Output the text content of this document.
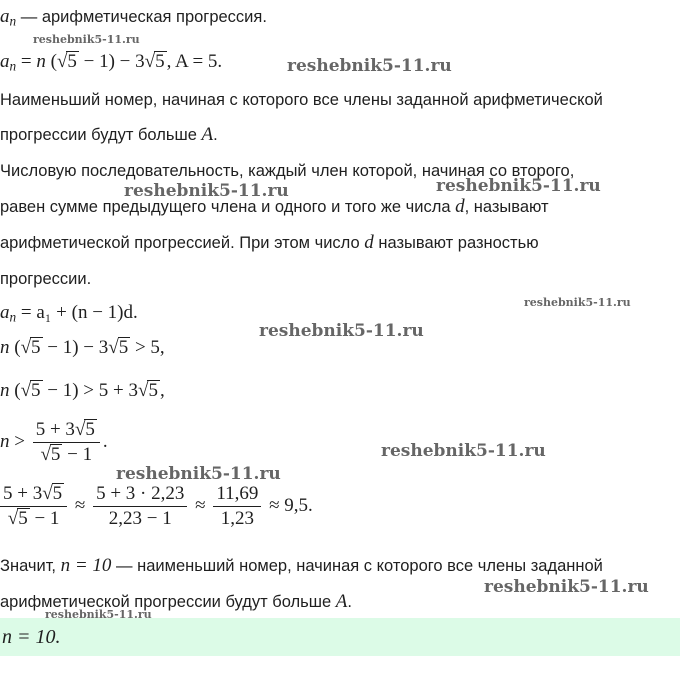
$a_n$ — арифметическая прогрессия.
$a_n = n$ (√5 − 1) − 3√5 , A = 5.
Наименьший номер, начиная с которого все члены заданной арифметической
прогрессии будут больше A.
Числовую последовательность, каждый член которой, начиная со второго,
равен сумме предыдущего члена и одного и того же числа d, называют
арифметической прогрессией. При этом число d называют разностью
прогрессии.
$a_n = a_1 + (n - 1)d$.
n (√5 − 1) − 3√5 > 5,
n (√5 − 1) > 5 + 3√5 ,
$n > \frac{5 + 3√5}{√5 - 1}$ .
$\frac{5 + 3√5}{√5 - 1} \approx \frac{5 + 3 \cdot 2,23}{2,23 - 1} \approx \frac{11,69}{1,23} \approx 9,5$.
Значит, n = 10 — наименьший номер, начиная с которого все члены заданной
арифметической прогрессии будут больше A.
n = 10.
reshebnik5-11.ru
reshebnik5-11.ru
reshebnik5-11.ru	reshebnik5-11.ru
reshebnik5-11.ru
reshebnik5-11.ru
reshebnik5-11.ru
reshebnik5-11.ru
reshebnik5-11.ru
reshebnik5-11.ru
